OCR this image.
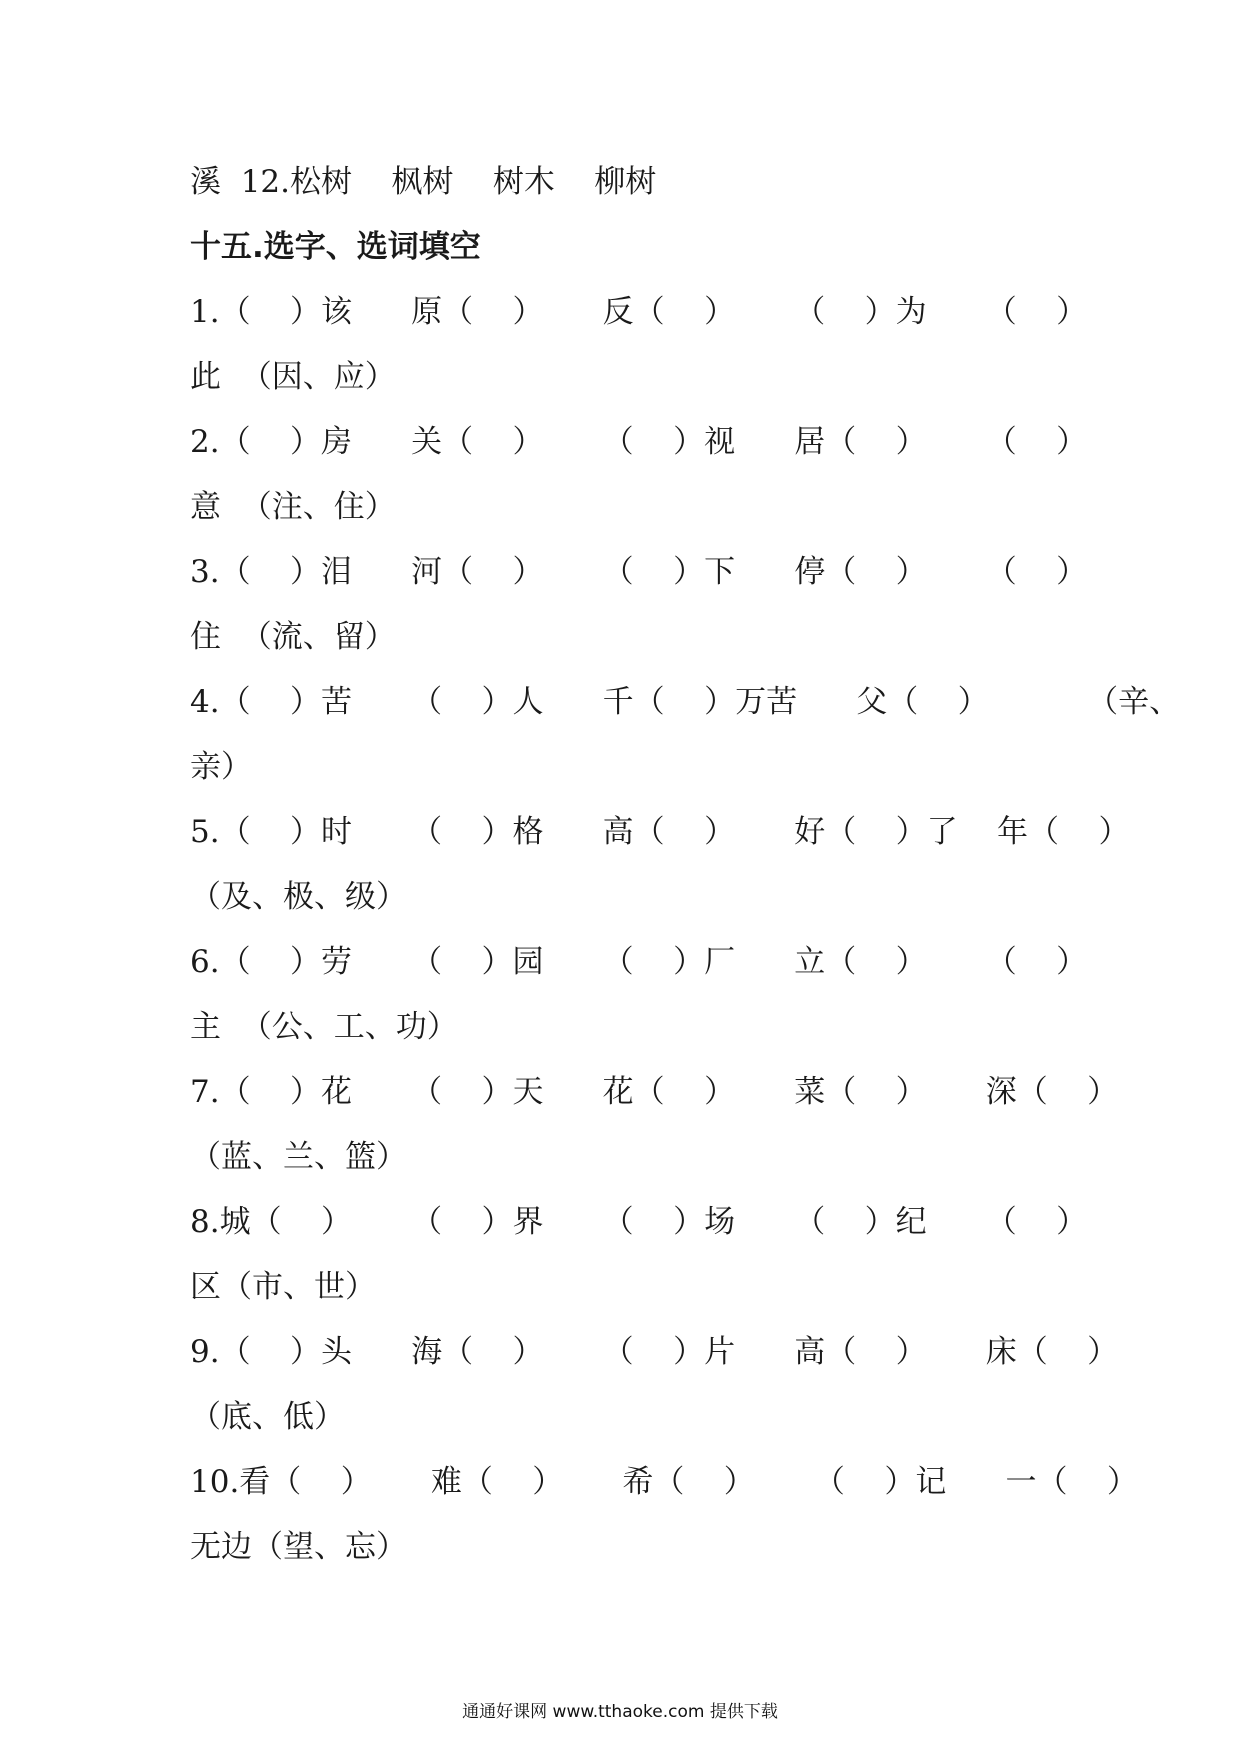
溪  12.松树    枫树    树木    柳树
十五.选字、选词填空
1.（    ）该      原（    ）      反（    ）      （    ）为      （    ）
此  （因、应）
2.（    ）房      关（    ）      （    ）视      居（    ）      （    ）
意  （注、住）
3.（    ）泪      河（    ）      （    ）下      停（    ）      （    ）
住  （流、留）
4.（    ）苦      （    ）人      千（    ）万苦      父（    ）          （辛、
亲）
5.（    ）时      （    ）格      高（    ）      好（    ）了    年（    ）
（及、极、级）
6.（    ）劳      （    ）园      （    ）厂      立（    ）      （    ）
主  （公、工、功）
7.（    ）花      （    ）天      花（    ）      菜（    ）      深（    ）
（蓝、兰、篮）
8.城（    ）      （    ）界      （    ）场      （    ）纪      （    ）
区（市、世）
9.（    ）头      海（    ）      （    ）片      高（    ）      床（    ）
（底、低）
10.看（    ）      难（    ）      希（    ）      （    ）记      一（    ）
无边（望、忘）
通通好课网 www.tthaoke.com 提供下载
